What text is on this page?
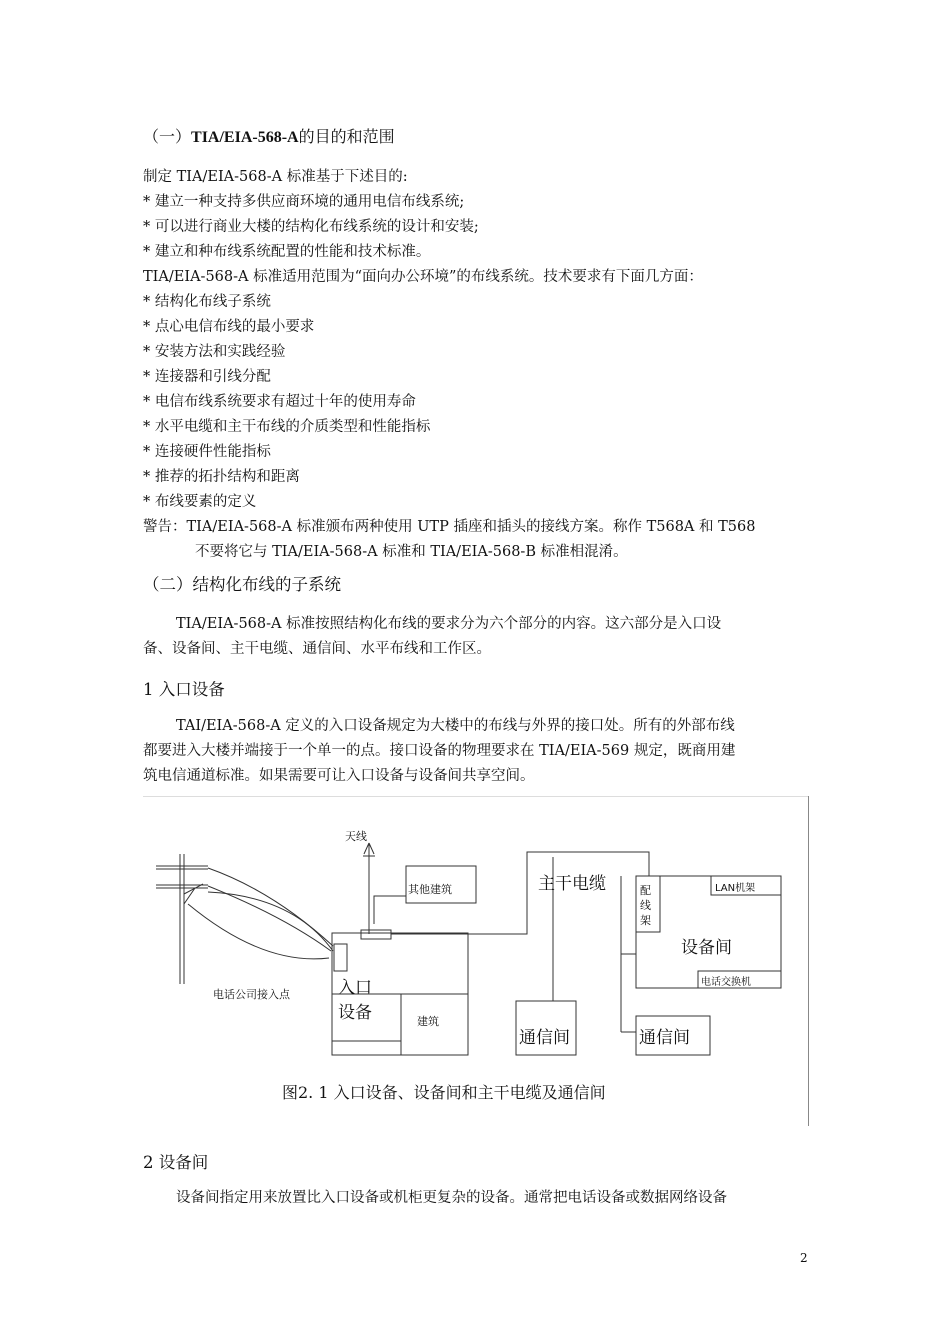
（一）TIA/EIA-568-A的目的和范围
制定 TIA/EIA-568-A 标准基于下述目的:
* 建立一种支持多供应商环境的通用电信布线系统;
* 可以进行商业大楼的结构化布线系统的设计和安装;
* 建立和种布线系统配置的性能和技术标准。
TIA/EIA-568-A 标准适用范围为“面向办公环境”的布线系统。技术要求有下面几方面：
* 结构化布线子系统
* 点心电信布线的最小要求
* 安装方法和实践经验
* 连接器和引线分配
* 电信布线系统要求有超过十年的使用寿命
* 水平电缆和主干布线的介质类型和性能指标
* 连接硬件性能指标
* 推荐的拓扑结构和距离
* 布线要素的定义
警告：TIA/EIA-568-A 标准颁布两种使用 UTP 插座和插头的接线方案。称作 T568A 和 T568
不要将它与 TIA/EIA-568-A 标准和 TIA/EIA-568-B 标准相混淆。
（二）结构化布线的子系统
TIA/EIA-568-A 标准按照结构化布线的要求分为六个部分的内容。这六部分是入口设
备、设备间、主干电缆、通信间、水平布线和工作区。
1 入口设备
TAI/EIA-568-A 定义的入口设备规定为大楼中的布线与外界的接口处。所有的外部布线
都要进入大楼并端接于一个单一的点。接口设备的物理要求在 TIA/EIA-569 规定，既商用建
筑电信通道标准。如果需要可让入口设备与设备间共享空间。
天线
其他建筑	主干电缆	配
线
架
LAN机架
设备间
电话交换机
电话公司接入点	入口
设备	建筑
通信间	通信间
图2. 1 入口设备、设备间和主干电缆及通信间
2 设备间
设备间指定用来放置比入口设备或机柜更复杂的设备。通常把电话设备或数据网络设备
2
